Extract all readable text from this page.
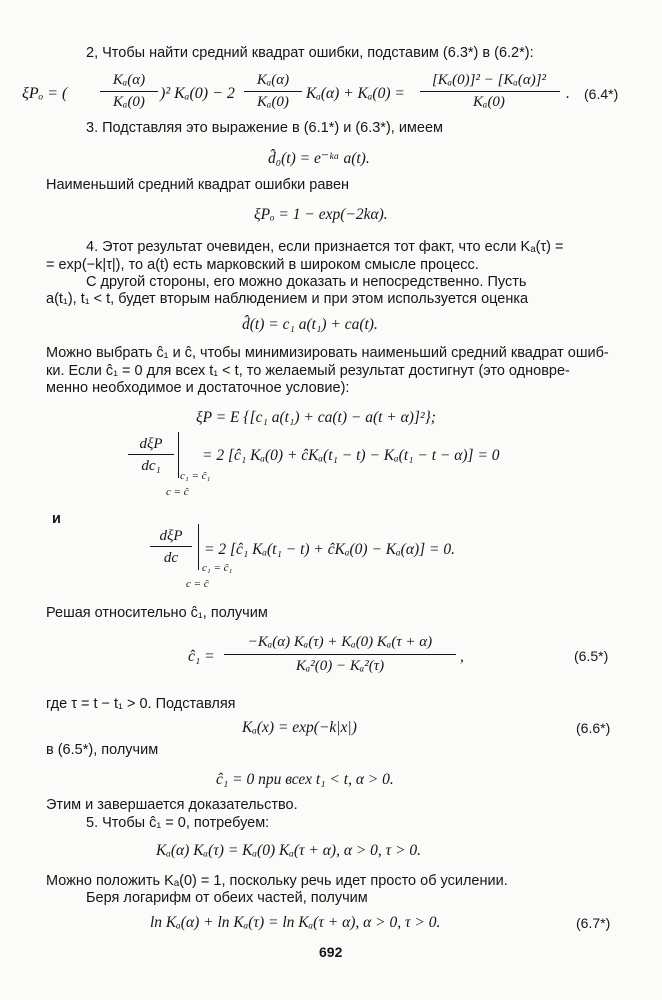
2, Чтобы найти средний квадрат ошибки, подставим (6.3*) в (6.2*):
ξPₒ = (
Kₐ(α)
Kₐ(0) )² Kₐ(0) − 2
Kₐ(α)
Kₐ(0)	Kₐ(α) + Kₐ(0) =
[Kₐ(0)]² − [Kₐ(α)]²
Kₐ(0)	. (6.4*)
3. Подставляя это выражение в (6.1*) и (6.3*), имеем
d̂₀(t) = e⁻ᵏᵅ a(t).
Наименьший средний квадрат ошибки равен
ξPₒ = 1 − exp(−2kα).
4. Этот результат очевиден, если признается тот факт, что если Kₐ(τ) =
= exp(−k|τ|), то a(t) есть марковский в широком смысле процесс.
С другой стороны, его можно доказать и непосредственно. Пусть
a(t₁), t₁ < t, будет вторым наблюдением и при этом используется оценка
d̂(t) = c₁ a(t₁) + ca(t).
Можно выбрать ĉ₁ и ĉ, чтобы минимизировать наименьший средний квадрат ошиб-
ки. Если ĉ₁ = 0 для всех t₁ < t, то желаемый результат достигнут (это одновре-
менно необходимое и достаточное условие):
ξP = E {[c₁ a(t₁) + ca(t) − a(t + α)]²};
dξP
dc₁
c₁ = ĉ₁
c = ĉ
= 2 [ĉ₁ Kₐ(0) + ĉKₐ(t₁ − t) − Kₐ(t₁ − t − α)] = 0
и
dξP
dc
c₁ = ĉ₁
c = ĉ
= 2 [ĉ₁ Kₐ(t₁ − t) + ĉKₐ(0) − Kₐ(α)] = 0.
Решая относительно ĉ₁, получим
ĉ₁ =
−Kₐ(α) Kₐ(τ) + Kₐ(0) Kₐ(τ + α)
Kₐ²(0) − Kₐ²(τ)
,	(6.5*)
где τ = t − t₁ > 0. Подставляя
Kₐ(x) = exp(−k|x|)	(6.6*)
в (6.5*), получим
ĉ₁ = 0 при всех t₁ < t, α > 0.
Этим и завершается доказательство.
5. Чтобы ĉ₁ = 0, потребуем:
Kₐ(α) Kₐ(τ) = Kₐ(0) Kₐ(τ + α), α > 0, τ > 0.
Можно положить Kₐ(0) = 1, поскольку речь идет просто об усилении.
Беря логарифм от обеих частей, получим
ln Kₐ(α) + ln Kₐ(τ) = ln Kₐ(τ + α), α > 0, τ > 0.	(6.7*)
692
